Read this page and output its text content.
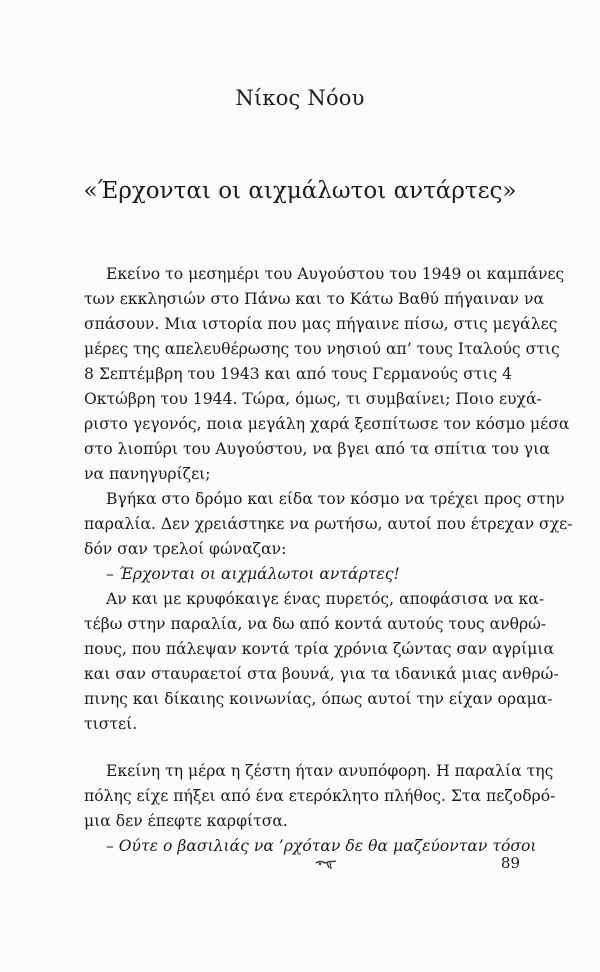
Νίκος Νόου
«Έρχονται οι αιχμάλωτοι αντάρτες»
Εκείνο το μεσημέρι του Αυγούστου του 1949 οι καμπάνες
των εκκλησιών στο Πάνω και το Κάτω Βαθύ πήγαιναν να
σπάσουν. Μια ιστορία που μας πήγαινε πίσω, στις μεγάλες
μέρες της απελευθέρωσης του νησιού απ’ τους Ιταλούς στις
8 Σεπτέμβρη του 1943 και από τους Γερμανούς στις 4
Οκτώβρη του 1944. Τώρα, όμως, τι συμβαίνει; Ποιο ευχά-
ριστο γεγονός, ποια μεγάλη χαρά ξεσπίτωσε τον κόσμο μέσα
στο λιοπύρι του Αυγούστου, να βγει από τα σπίτια του για
να πανηγυρίζει;
Βγήκα στο δρόμο και είδα τον κόσμο να τρέχει προς στην
παραλία. Δεν χρειάστηκε να ρωτήσω, αυτοί που έτρεχαν σχε-
δόν σαν τρελοί φώναζαν:
– Έρχονται οι αιχμάλωτοι αντάρτες!
Αν και με κρυφόκαιγε ένας πυρετός, αποφάσισα να κα-
τέβω στην παραλία, να δω από κοντά αυτούς τους ανθρώ-
πους, που πάλεψαν κοντά τρία χρόνια ζώντας σαν αγρίμια
και σαν σταυραετοί στα βουνά, για τα ιδανικά μιας ανθρώ-
πινης και δίκαιης κοινωνίας, όπως αυτοί την είχαν οραμα-
τιστεί.
Εκείνη τη μέρα η ζέστη ήταν ανυπόφορη. Η παραλία της
πόλης είχε πήξει από ένα ετερόκλητο πλήθος. Στα πεζοδρό-
μια δεν έπεφτε καρφίτσα.
– Ούτε ο βασιλιάς να ’ρχόταν δε θα μαζεύονταν τόσοι
89
